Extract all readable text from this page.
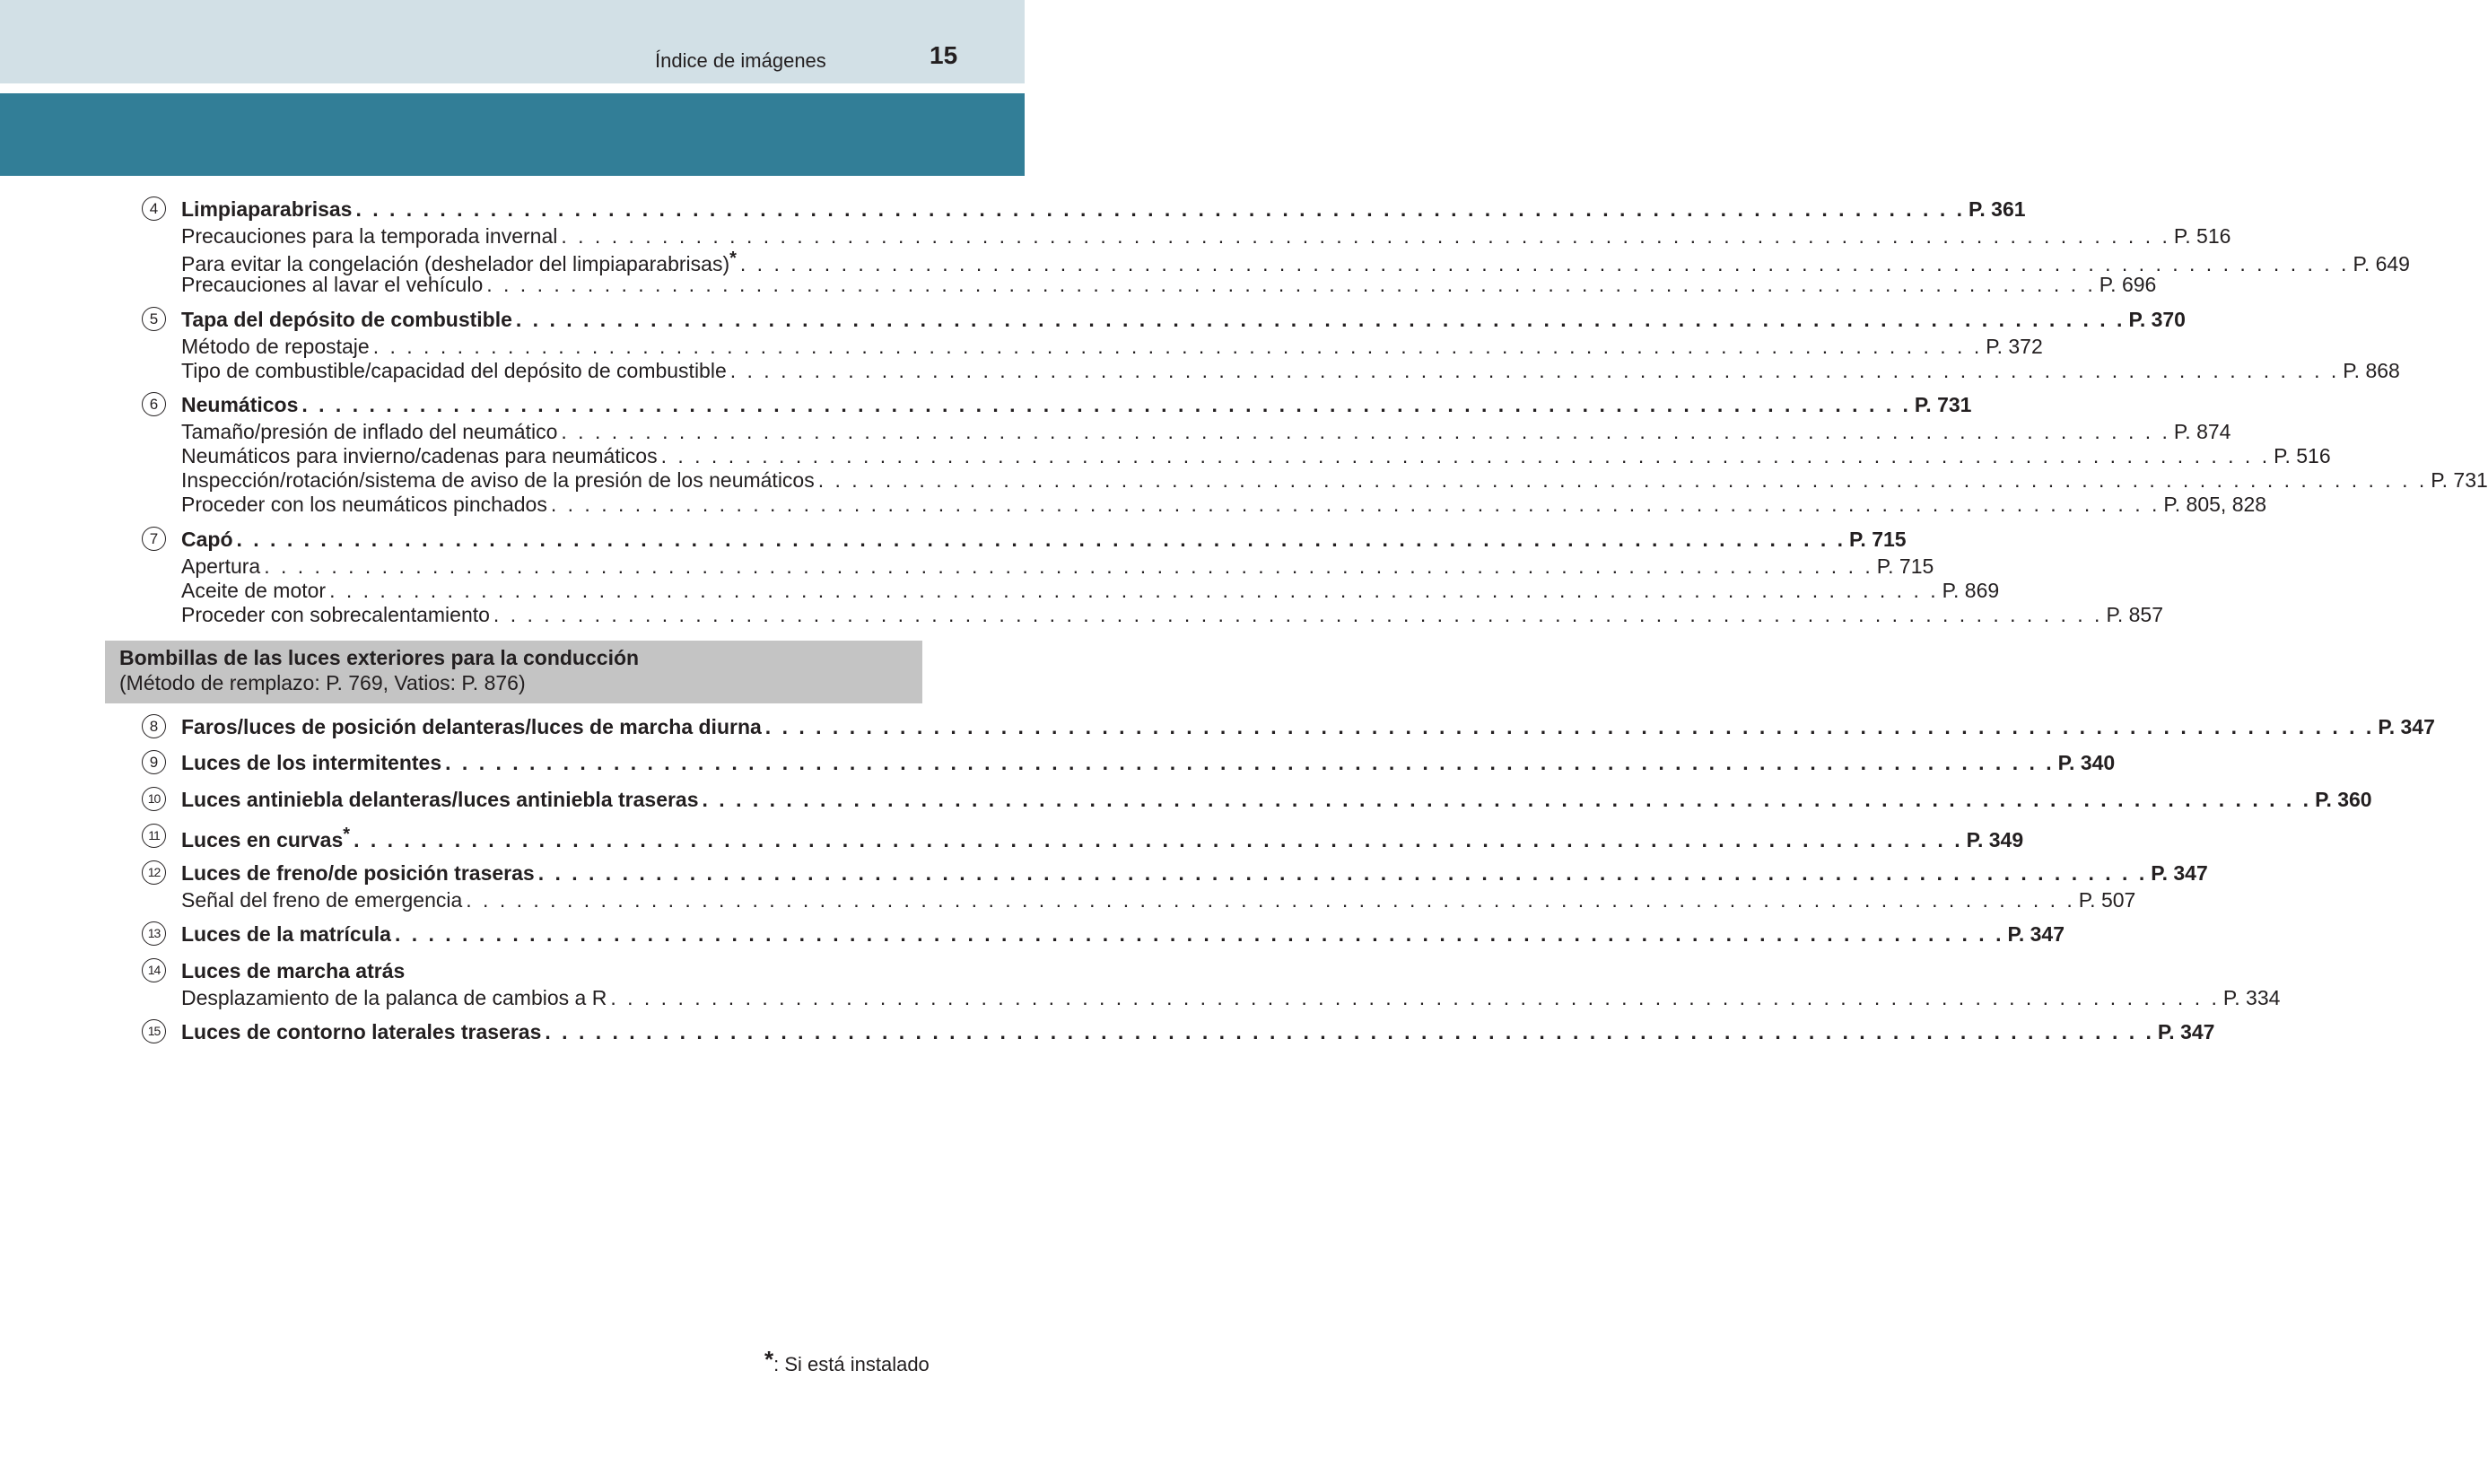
Índice de imágenes	15
4	Limpiaparabrisas . . . . . . . . . . . . . . . . . . . . . . . . . . . . . . . . . . . . . . . . . . . . . . . . . . . . . . . . . . . . . . . . . . . . . . . . . . . . . . . . . . . . . . . . . . . . . . . . P. 361
Precauciones para la temporada invernal . . . . . . . . . . . . . . . . . . . . . . . . . . . . . . . . . . . . . . . . . . . . . . . . . . . . . . . . . . . . . . . . . . . . . . . . . . . . . . . . . . . . . . . . . . . . . . . . P. 516
Para evitar la congelación (deshelador del limpiaparabrisas)* . . . . . . . . . . . . . . . . . . . . . . . . . . . . . . . . . . . . . . . . . . . . . . . . . . . . . . . . . . . . . . . . . . . . . . . . . . . . . . . . . . . . . . . . . . . . . . . . P. 649
Precauciones al lavar el vehículo . . . . . . . . . . . . . . . . . . . . . . . . . . . . . . . . . . . . . . . . . . . . . . . . . . . . . . . . . . . . . . . . . . . . . . . . . . . . . . . . . . . . . . . . . . . . . . . . P. 696
5	Tapa del depósito de combustible . . . . . . . . . . . . . . . . . . . . . . . . . . . . . . . . . . . . . . . . . . . . . . . . . . . . . . . . . . . . . . . . . . . . . . . . . . . . . . . . . . . . . . . . . . . . . . . . P. 370
Método de repostaje . . . . . . . . . . . . . . . . . . . . . . . . . . . . . . . . . . . . . . . . . . . . . . . . . . . . . . . . . . . . . . . . . . . . . . . . . . . . . . . . . . . . . . . . . . . . . . . . P. 372
Tipo de combustible/capacidad del depósito de combustible . . . . . . . . . . . . . . . . . . . . . . . . . . . . . . . . . . . . . . . . . . . . . . . . . . . . . . . . . . . . . . . . . . . . . . . . . . . . . . . . . . . . . . . . . . . . . . . . P. 868
6	Neumáticos . . . . . . . . . . . . . . . . . . . . . . . . . . . . . . . . . . . . . . . . . . . . . . . . . . . . . . . . . . . . . . . . . . . . . . . . . . . . . . . . . . . . . . . . . . . . . . . . P. 731
Tamaño/presión de inflado del neumático . . . . . . . . . . . . . . . . . . . . . . . . . . . . . . . . . . . . . . . . . . . . . . . . . . . . . . . . . . . . . . . . . . . . . . . . . . . . . . . . . . . . . . . . . . . . . . . . P. 874
Neumáticos para invierno/cadenas para neumáticos . . . . . . . . . . . . . . . . . . . . . . . . . . . . . . . . . . . . . . . . . . . . . . . . . . . . . . . . . . . . . . . . . . . . . . . . . . . . . . . . . . . . . . . . . . . . . . . . P. 516
Inspección/rotación/sistema de aviso de la presión de los neumáticos . . . . . . . . . . . . . . . . . . . . . . . . . . . . . . . . . . . . . . . . . . . . . . . . . . . . . . . . . . . . . . . . . . . . . . . . . . . . . . . . . . . . . . . . . . . . . . . . P. 731
Proceder con los neumáticos pinchados . . . . . . . . . . . . . . . . . . . . . . . . . . . . . . . . . . . . . . . . . . . . . . . . . . . . . . . . . . . . . . . . . . . . . . . . . . . . . . . . . . . . . . . . . . . . . . . . P. 805, 828
7	Capó . . . . . . . . . . . . . . . . . . . . . . . . . . . . . . . . . . . . . . . . . . . . . . . . . . . . . . . . . . . . . . . . . . . . . . . . . . . . . . . . . . . . . . . . . . . . . . . . P. 715
Apertura . . . . . . . . . . . . . . . . . . . . . . . . . . . . . . . . . . . . . . . . . . . . . . . . . . . . . . . . . . . . . . . . . . . . . . . . . . . . . . . . . . . . . . . . . . . . . . . . P. 715
Aceite de motor . . . . . . . . . . . . . . . . . . . . . . . . . . . . . . . . . . . . . . . . . . . . . . . . . . . . . . . . . . . . . . . . . . . . . . . . . . . . . . . . . . . . . . . . . . . . . . . . P. 869
Proceder con sobrecalentamiento . . . . . . . . . . . . . . . . . . . . . . . . . . . . . . . . . . . . . . . . . . . . . . . . . . . . . . . . . . . . . . . . . . . . . . . . . . . . . . . . . . . . . . . . . . . . . . . . P. 857
8	Faros/luces de posición delanteras/luces de marcha diurna . . . . . . . . . . . . . . . . . . . . . . . . . . . . . . . . . . . . . . . . . . . . . . . . . . . . . . . . . . . . . . . . . . . . . . . . . . . . . . . . . . . . . . . . . . . . . . . . P. 347
9	Luces de los intermitentes . . . . . . . . . . . . . . . . . . . . . . . . . . . . . . . . . . . . . . . . . . . . . . . . . . . . . . . . . . . . . . . . . . . . . . . . . . . . . . . . . . . . . . . . . . . . . . . . P. 340
10 Luces antiniebla delanteras/luces antiniebla traseras . . . . . . . . . . . . . . . . . . . . . . . . . . . . . . . . . . . . . . . . . . . . . . . . . . . . . . . . . . . . . . . . . . . . . . . . . . . . . . . . . . . . . . . . . . . . . . . . P. 360
11	Luces en curvas* . . . . . . . . . . . . . . . . . . . . . . . . . . . . . . . . . . . . . . . . . . . . . . . . . . . . . . . . . . . . . . . . . . . . . . . . . . . . . . . . . . . . . . . . . . . . . . . . P. 349
12 Luces de freno/de posición traseras . . . . . . . . . . . . . . . . . . . . . . . . . . . . . . . . . . . . . . . . . . . . . . . . . . . . . . . . . . . . . . . . . . . . . . . . . . . . . . . . . . . . . . . . . . . . . . . . P. 347
Señal del freno de emergencia . . . . . . . . . . . . . . . . . . . . . . . . . . . . . . . . . . . . . . . . . . . . . . . . . . . . . . . . . . . . . . . . . . . . . . . . . . . . . . . . . . . . . . . . . . . . . . . . P. 507
13 Luces de la matrícula . . . . . . . . . . . . . . . . . . . . . . . . . . . . . . . . . . . . . . . . . . . . . . . . . . . . . . . . . . . . . . . . . . . . . . . . . . . . . . . . . . . . . . . . . . . . . . . . P. 347
14 Luces de marcha atrás
Desplazamiento de la palanca de cambios a R . . . . . . . . . . . . . . . . . . . . . . . . . . . . . . . . . . . . . . . . . . . . . . . . . . . . . . . . . . . . . . . . . . . . . . . . . . . . . . . . . . . . . . . . . . . . . . . . P. 334
15 Luces de contorno laterales traseras . . . . . . . . . . . . . . . . . . . . . . . . . . . . . . . . . . . . . . . . . . . . . . . . . . . . . . . . . . . . . . . . . . . . . . . . . . . . . . . . . . . . . . . . . . . . . . . . P. 347
Bombillas de las luces exteriores para la conducción
(Método de remplazo: P. 769, Vatios: P. 876)
*: Si está instalado
